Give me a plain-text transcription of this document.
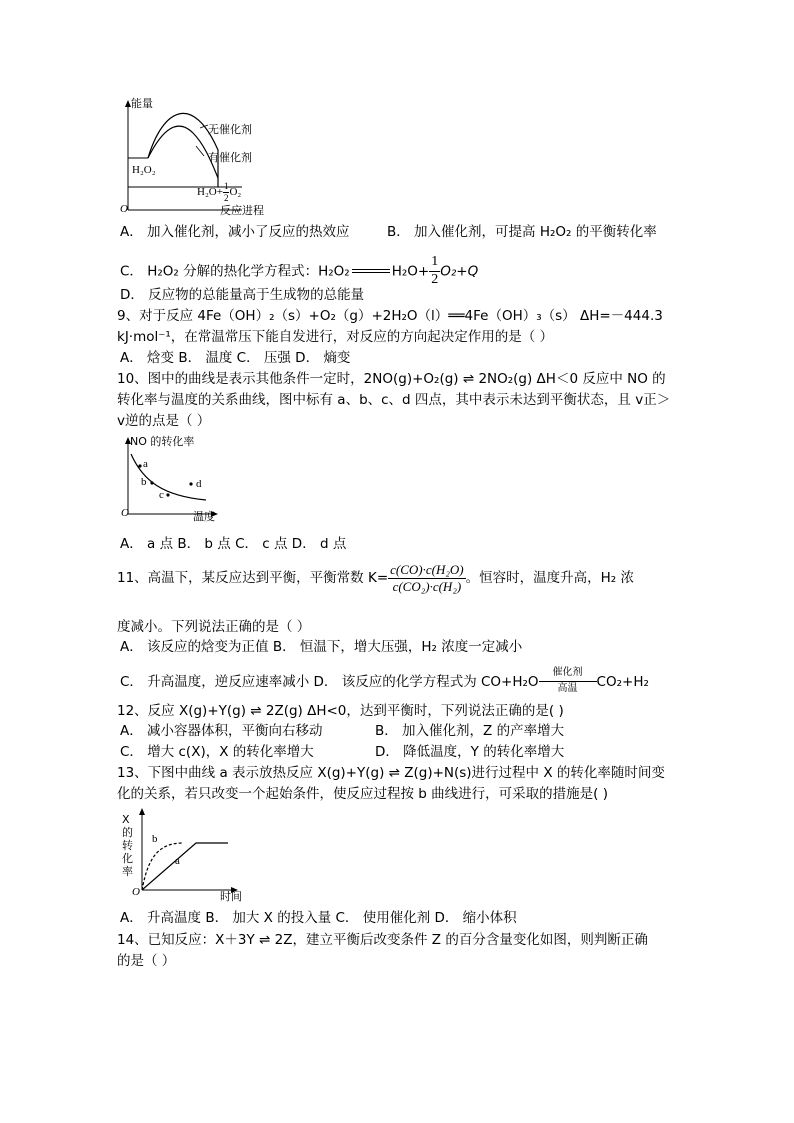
能量
无催化剂
有催化剂
H₂O₂
$H_2O+ \frac{1}{2} O_2$
O	反应进程
A． 加入催化剂，减小了反应的热效应	B． 加入催化剂，可提高 H₂O₂ 的平衡转化率
C． H₂O₂ 分解的热化学方程式：H₂O₂	$H_2O+ \frac{1}{2} O_2+Q$
D． 反应物的总能量高于生成物的总能量
9、对于反应 4Fe（OH）₂（s）+O₂（g）+2H₂O（l）══4Fe（OH）₃（s） ΔH=－444.3
kJ·mol⁻¹，在常温常压下能自发进行，对反应的方向起决定作用的是（ ）
A． 焓变 B． 温度 C． 压强 D． 熵变
10、图中的曲线是表示其他条件一定时，2NO(g)+O₂(g) ⇌ 2NO₂(g) ΔH＜0 反应中 NO 的
转化率与温度的关系曲线，图中标有 a、b、c、d 四点，其中表示未达到平衡状态，且 v正＞
v逆的点是（ ）
NO 的转化率
a
b
c
d
O	温度
A． a 点 B． b 点 C． c 点 D． d 点
11、高温下，某反应达到平衡，平衡常数 $K= \frac{\text{c(CO)·c(H₂O)}}{\text{c(CO₂)·c(H₂)}}$ 。恒容时，温度升高，H₂ 浓
度减小。下列说法正确的是（ ）
A． 该反应的焓变为正值 B． 恒温下，增大压强，H₂ 浓度一定减小
C． 升高温度，逆反应速率减小 D． 该反应的化学方程式为 CO+H₂O
催化剂
高温	CO₂+H₂
12、反应 X(g)+Y(g) ⇌ 2Z(g) ΔH<0，达到平衡时，下列说法正确的是( )
A． 减小容器体积，平衡向右移动	B． 加入催化剂，Z 的产率增大
C． 增大 c(X)，X 的转化率增大	D． 降低温度，Y 的转化率增大
13、下图中曲线 a 表示放热反应 X(g)+Y(g) ⇌ Z(g)+N(s)进行过程中 X 的转化率随时间变
化的关系，若只改变一个起始条件，使反应过程按 b 曲线进行，可采取的措施是( )
X
的
转
化
率
b
a
O	时间
A． 升高温度 B． 加大 X 的投入量 C． 使用催化剂 D． 缩小体积
14、已知反应：X＋3Y ⇌ 2Z，建立平衡后改变条件 Z 的百分含量变化如图，则判断正确
的是（ ）
